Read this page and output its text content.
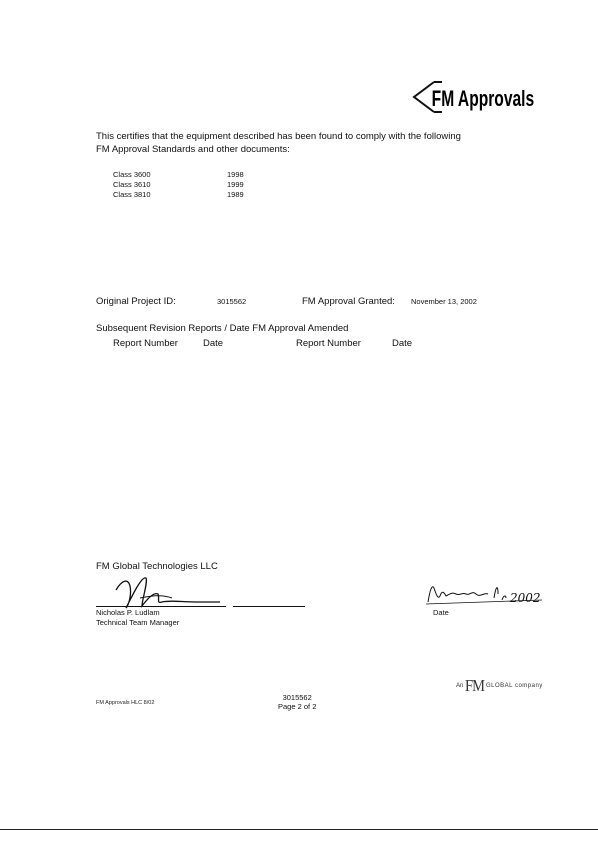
FM Approvals
This certifies that the equipment described has been found to comply with the following
FM Approval Standards and other documents:
Class 3600	1998
Class 3610	1999
Class 3810	1989
Original Project ID:	3015562	FM Approval Granted: November 13, 2002
Subsequent Revision Reports / Date FM Approval Amended
Report Number	Date	Report Number	Date
FM Global Technologies LLC
Nicholas P. Ludlam
Technical Team Manager
2002
Date
An FM GLOBAL company
FM Approvals HLC 8/02
3015562
Page 2 of 2
